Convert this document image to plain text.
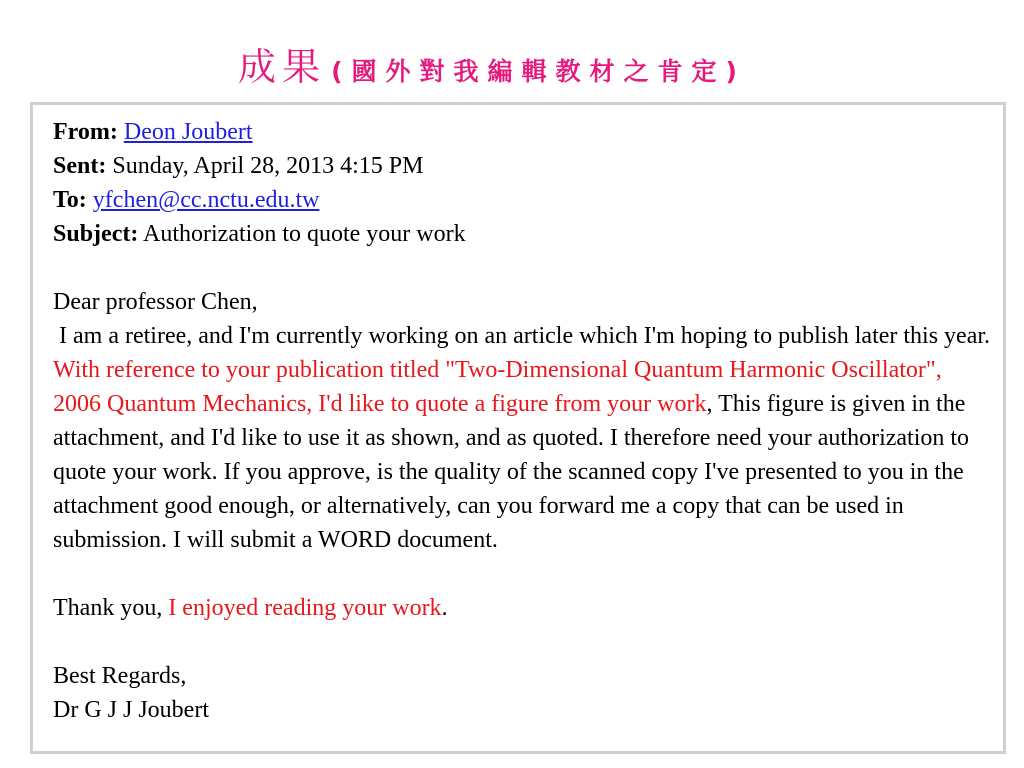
成果 (國外對我編輯教材之肯定)
From: Deon Joubert
Sent: Sunday, April 28, 2013 4:15 PM
To: yfchen@cc.nctu.edu.tw
Subject: Authorization to quote your work

Dear professor Chen,

I am a retiree, and I'm currently working on an article which I'm hoping to publish later this year.  With reference to your publication titled "Two-Dimensional Quantum Harmonic Oscillator", 2006 Quantum Mechanics, I'd like to quote a figure from your work, This figure is given in the attachment, and I'd like to use it as shown, and as quoted. I therefore need your authorization to quote your work. If you approve, is the quality of the scanned copy I've presented to you in the attachment good enough, or alternatively, can you forward me a copy that can be used in submission. I will submit a WORD document.

Thank you, I enjoyed reading your work.

Best Regards,

Dr G J J Joubert
